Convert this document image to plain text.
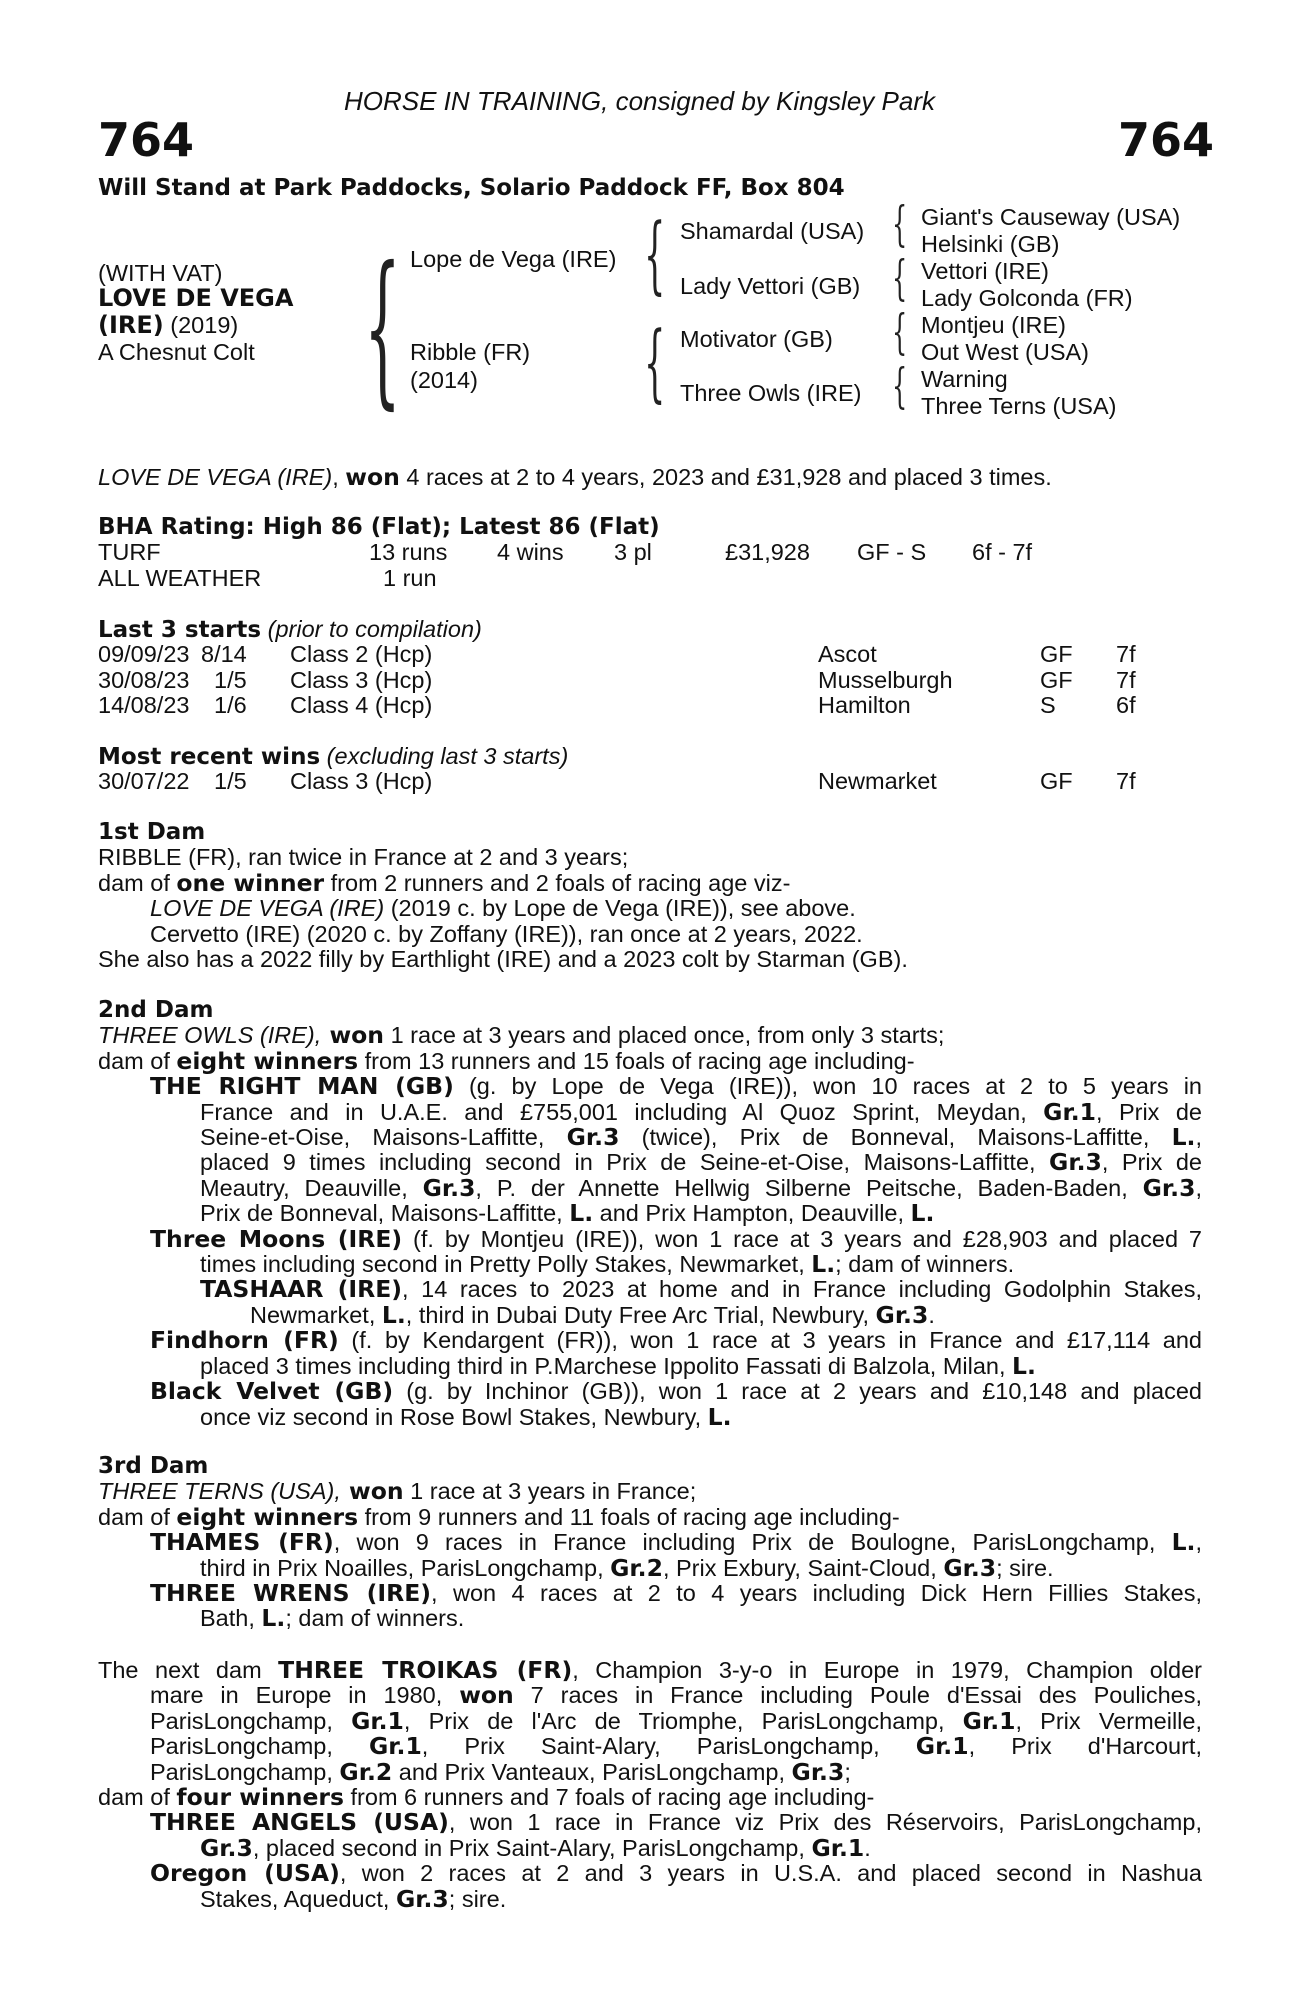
HORSE IN TRAINING, consigned by Kingsley Park
764	764
Will Stand at Park Paddocks, Solario Paddock FF, Box 804
(WITH VAT)
LOVE DE VEGA
(IRE) (2019)
A Chesnut Colt { Lope de Vega (IRE)
Ribble (FR)
(2014)
{
{
Shamardal (USA)
Lady Vettori (GB)
Motivator (GB)
Three Owls (IRE)
{
{
{
{
Giant's Causeway (USA)
Helsinki (GB)
Vettori (IRE)
Lady Golconda (FR)
Montjeu (IRE)
Out West (USA)
Warning
Three Terns (USA)
LOVE DE VEGA (IRE), won 4 races at 2 to 4 years, 2023 and £31,928 and placed 3 times.
BHA Rating: High 86 (Flat); Latest 86 (Flat)
TURF	13 runs 4 wins 3 pl	£31,928 GF - S 6f - 7f
ALL WEATHER	1 run
Last 3 starts (prior to compilation)
09/09/23 8/14 Class 2 (Hcp)	Ascot	GF 7f
30/08/23 1/5 Class 3 (Hcp)	Musselburgh	GF 7f
14/08/23 1/6 Class 4 (Hcp)	Hamilton	S	6f
Most recent wins (excluding last 3 starts)
30/07/22 1/5 Class 3 (Hcp)	Newmarket	GF 7f
1st Dam
RIBBLE (FR), ran twice in France at 2 and 3 years;
dam of one winner from 2 runners and 2 foals of racing age viz-
LOVE DE VEGA (IRE) (2019 c. by Lope de Vega (IRE)), see above.
Cervetto (IRE) (2020 c. by Zoffany (IRE)), ran once at 2 years, 2022.
She also has a 2022 filly by Earthlight (IRE) and a 2023 colt by Starman (GB).
2nd Dam
THREE OWLS (IRE), won 1 race at 3 years and placed once, from only 3 starts;
dam of eight winners from 13 runners and 15 foals of racing age including-
THE RIGHT MAN (GB) (g. by Lope de Vega (IRE)), won 10 races at 2 to 5 years in
France and in U.A.E. and £755,001 including Al Quoz Sprint, Meydan, Gr.1, Prix de
Seine-et-Oise, Maisons-Laffitte, Gr.3 (twice), Prix de Bonneval, Maisons-Laffitte, L.,
placed 9 times including second in Prix de Seine-et-Oise, Maisons-Laffitte, Gr.3, Prix de
Meautry, Deauville, Gr.3, P. der Annette Hellwig Silberne Peitsche, Baden-Baden, Gr.3,
Prix de Bonneval, Maisons-Laffitte, L. and Prix Hampton, Deauville, L.
Three Moons (IRE) (f. by Montjeu (IRE)), won 1 race at 3 years and £28,903 and placed 7
times including second in Pretty Polly Stakes, Newmarket, L.; dam of winners.
TASHAAR (IRE), 14 races to 2023 at home and in France including Godolphin Stakes,
Newmarket, L., third in Dubai Duty Free Arc Trial, Newbury, Gr.3.
Findhorn (FR) (f. by Kendargent (FR)), won 1 race at 3 years in France and £17,114 and
placed 3 times including third in P.Marchese Ippolito Fassati di Balzola, Milan, L.
Black Velvet (GB) (g. by Inchinor (GB)), won 1 race at 2 years and £10,148 and placed
once viz second in Rose Bowl Stakes, Newbury, L.
3rd Dam
THREE TERNS (USA), won 1 race at 3 years in France;
dam of eight winners from 9 runners and 11 foals of racing age including-
THAMES (FR), won 9 races in France including Prix de Boulogne, ParisLongchamp, L.,
third in Prix Noailles, ParisLongchamp, Gr.2, Prix Exbury, Saint-Cloud, Gr.3; sire.
THREE WRENS (IRE), won 4 races at 2 to 4 years including Dick Hern Fillies Stakes,
Bath, L.; dam of winners.
The next dam THREE TROIKAS (FR), Champion 3-y-o in Europe in 1979, Champion older
mare in Europe in 1980, won 7 races in France including Poule d'Essai des Pouliches,
ParisLongchamp, Gr.1, Prix de l'Arc de Triomphe, ParisLongchamp, Gr.1, Prix Vermeille,
ParisLongchamp, Gr.1, Prix Saint-Alary, ParisLongchamp, Gr.1, Prix d'Harcourt,
ParisLongchamp, Gr.2 and Prix Vanteaux, ParisLongchamp, Gr.3;
dam of four winners from 6 runners and 7 foals of racing age including-
THREE ANGELS (USA), won 1 race in France viz Prix des Réservoirs, ParisLongchamp,
Gr.3, placed second in Prix Saint-Alary, ParisLongchamp, Gr.1.
Oregon (USA), won 2 races at 2 and 3 years in U.S.A. and placed second in Nashua
Stakes, Aqueduct, Gr.3; sire.
